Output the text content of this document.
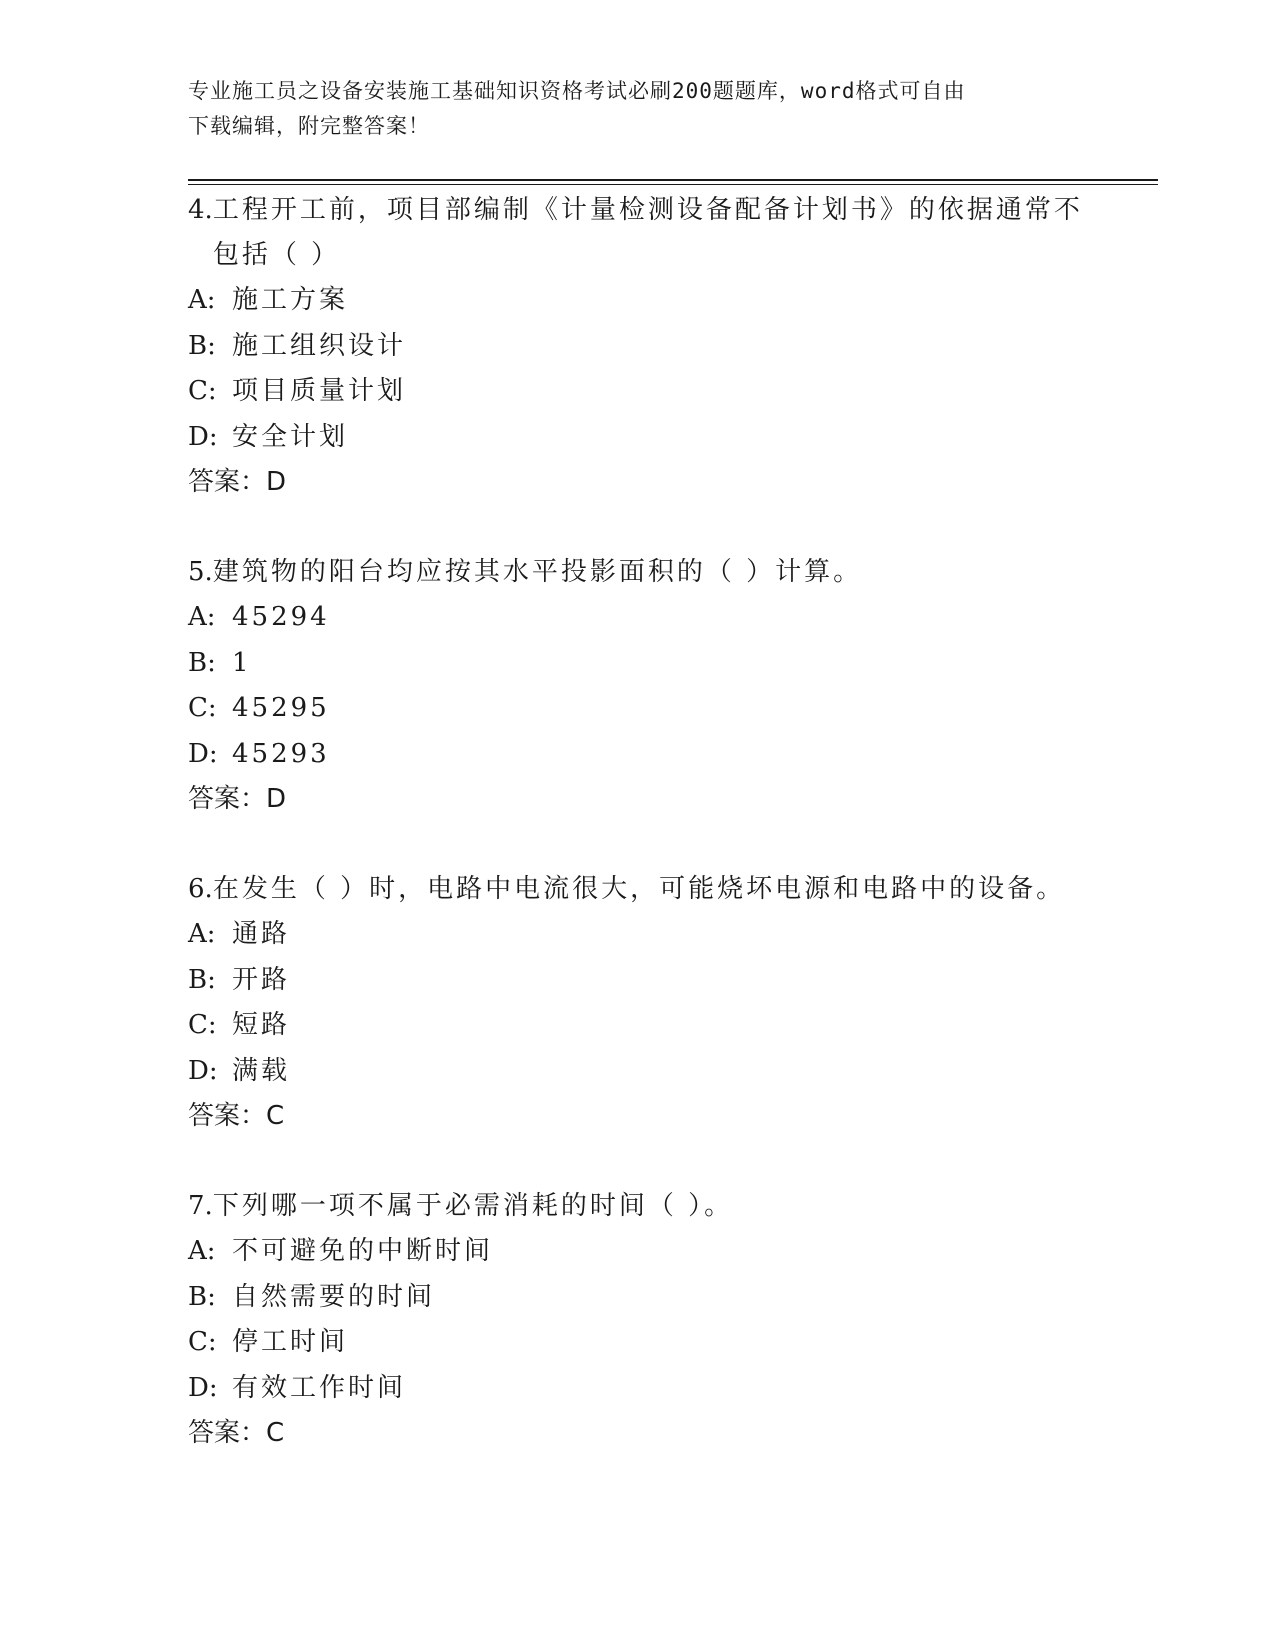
专业施工员之设备安装施工基础知识资格考试必刷200题题库，word格式可自由
下载编辑，附完整答案！
4. 工程开工前，项目部编制《计量检测设备配备计划书》的依据通常不包括（ ）
A: 施工方案
B: 施工组织设计
C: 项目质量计划
D: 安全计划
答案：D
5. 建筑物的阳台均应按其水平投影面积的（ ）计算。
A: 45294
B: 1
C: 45295
D: 45293
答案：D
6. 在发生（ ）时，电路中电流很大，可能烧坏电源和电路中的设备。
A: 通路
B: 开路
C: 短路
D: 满载
答案：C
7. 下列哪一项不属于必需消耗的时间（ ）。
A: 不可避免的中断时间
B: 自然需要的时间
C: 停工时间
D: 有效工作时间
答案：C
